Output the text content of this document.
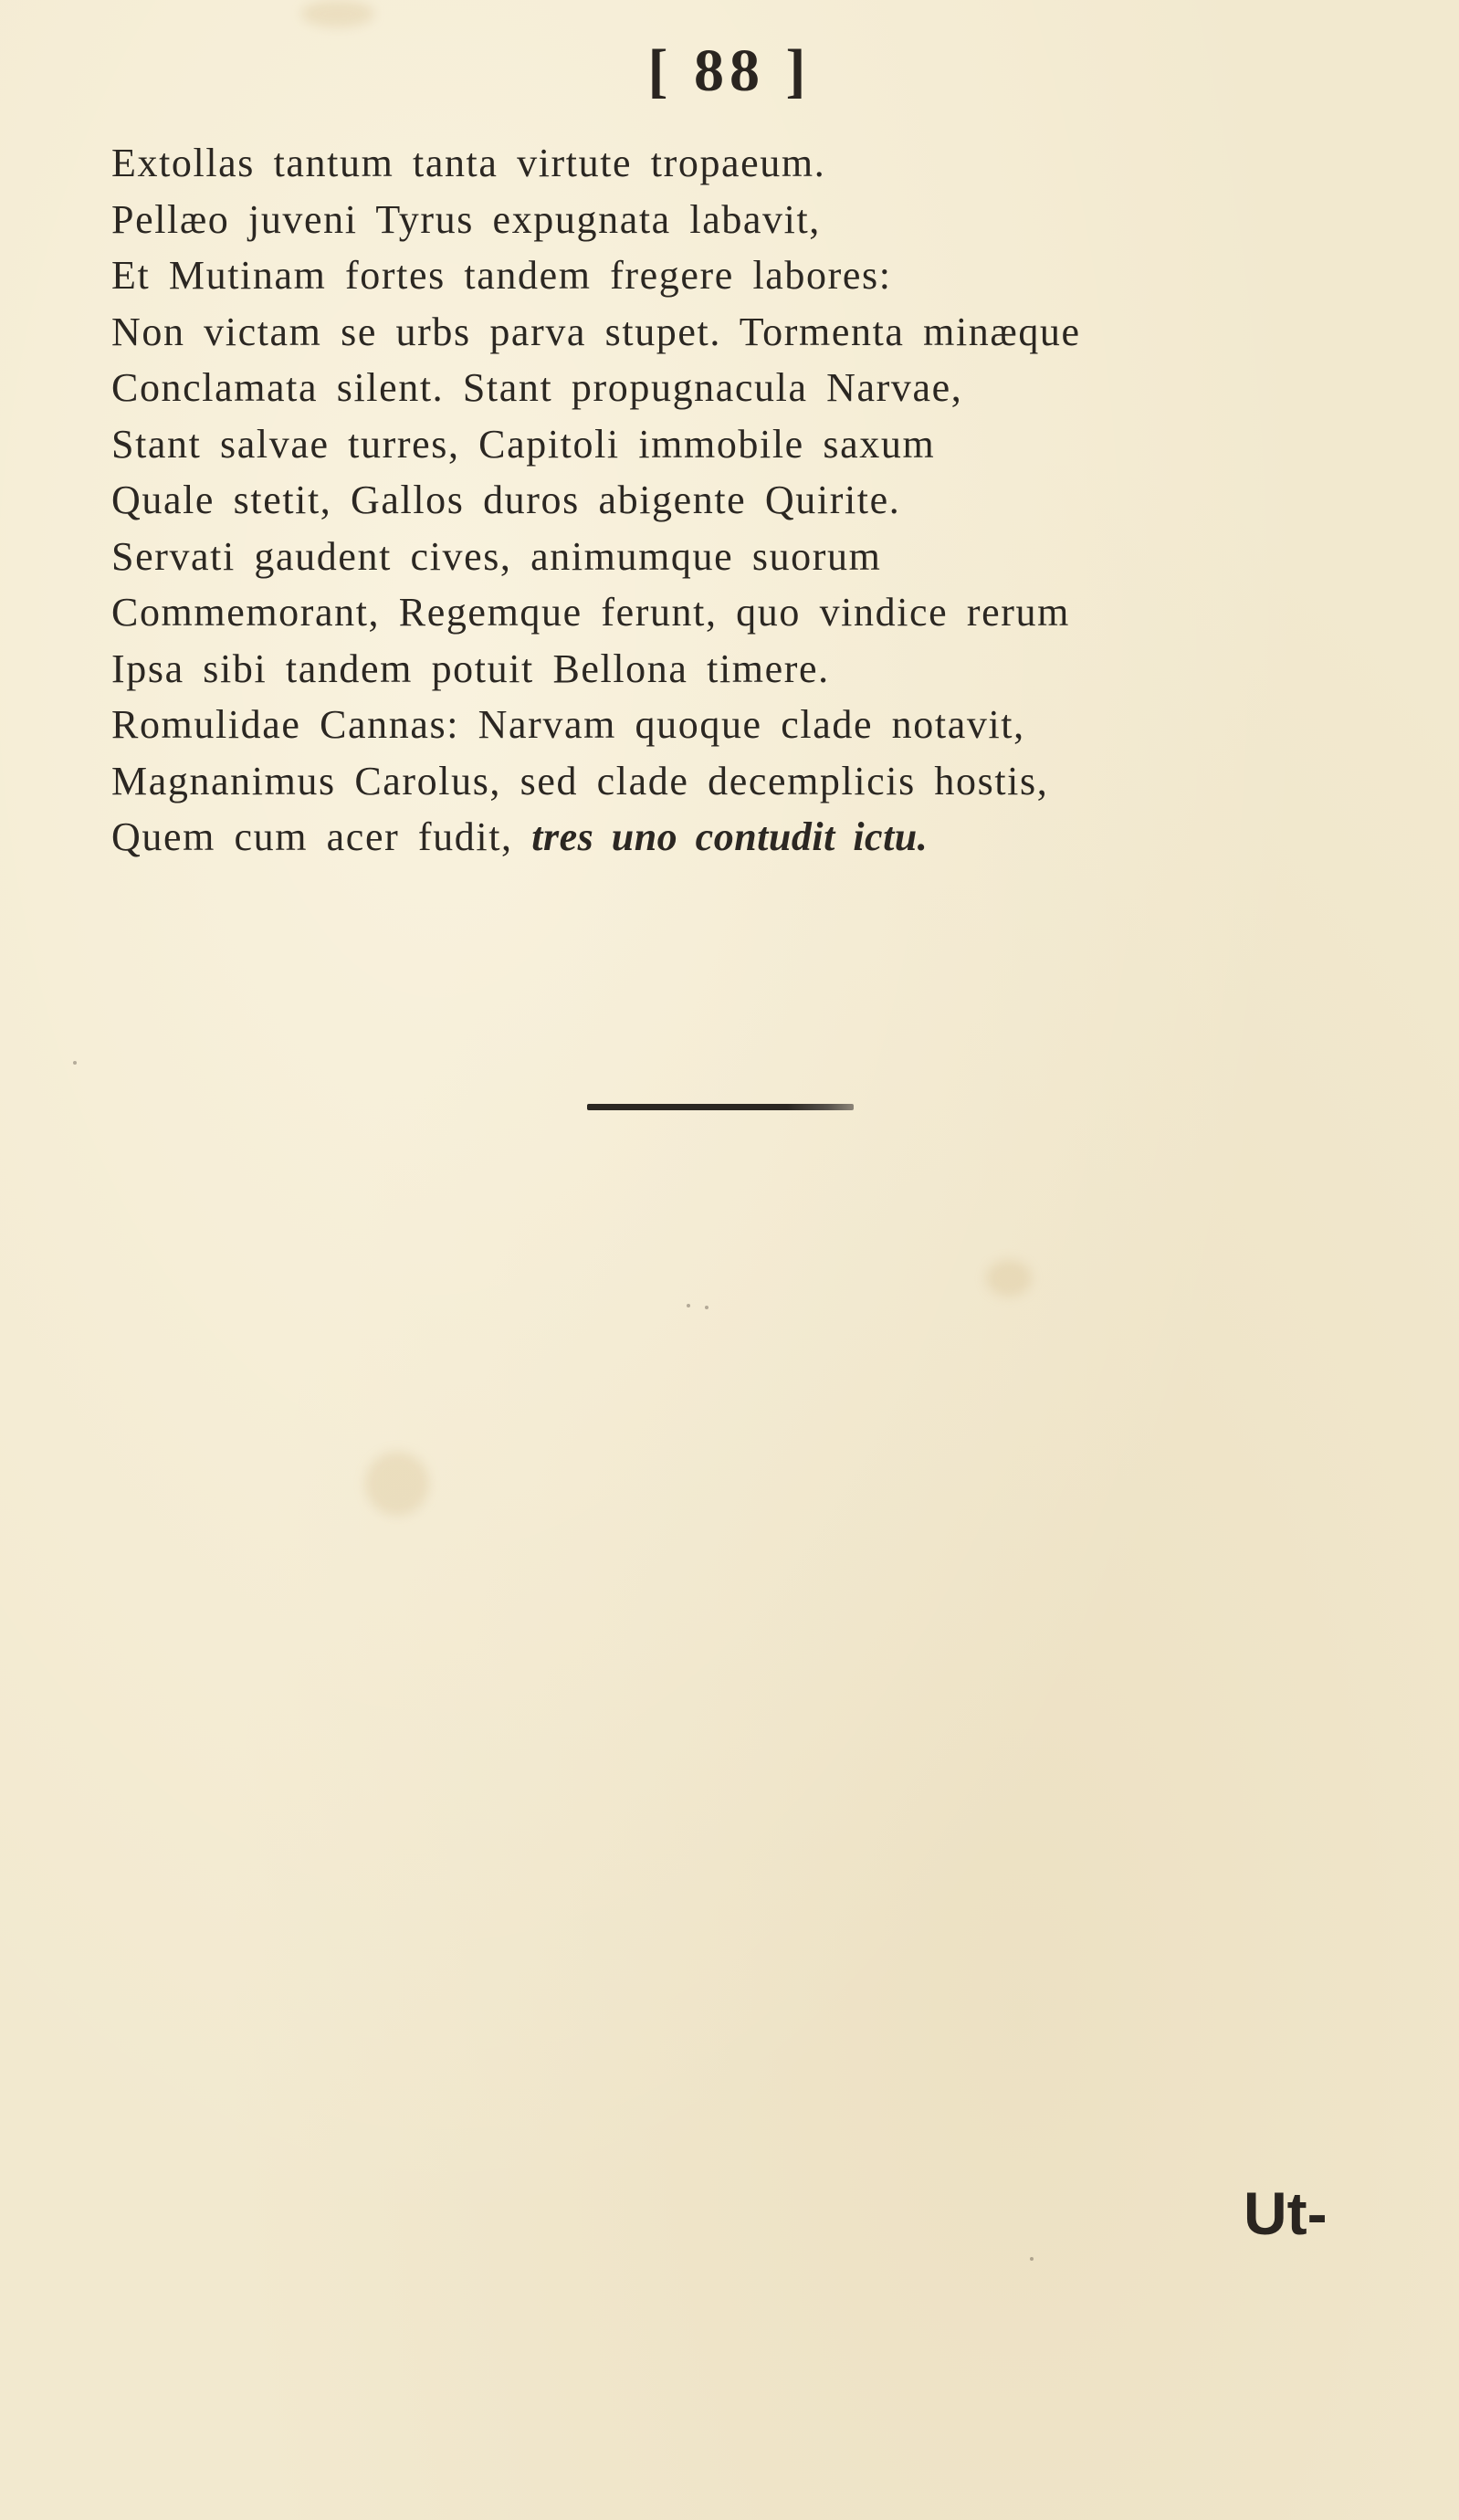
[ 88 ]
Extollas tantum tanta virtute tropaeum.
Pellæo juveni Tyrus expugnata labavit,
Et Mutinam fortes tandem fregere labores:
Non victam se urbs parva stupet. Tormenta minæque
Conclamata silent. Stant propugnacula Narvae,
Stant salvae turres, Capitoli immobile saxum
Quale stetit, Gallos duros abigente Quirite.
Servati gaudent cives, animumque suorum
Commemorant, Regemque ferunt, quo vindice rerum
Ipsa sibi tandem potuit Bellona timere.
Romulidae Cannas: Narvam quoque clade notavit,
Magnanimus Carolus, sed clade decemplicis hostis,
Quem cum acer fudit, tres uno contudit ictu.
Ut-
